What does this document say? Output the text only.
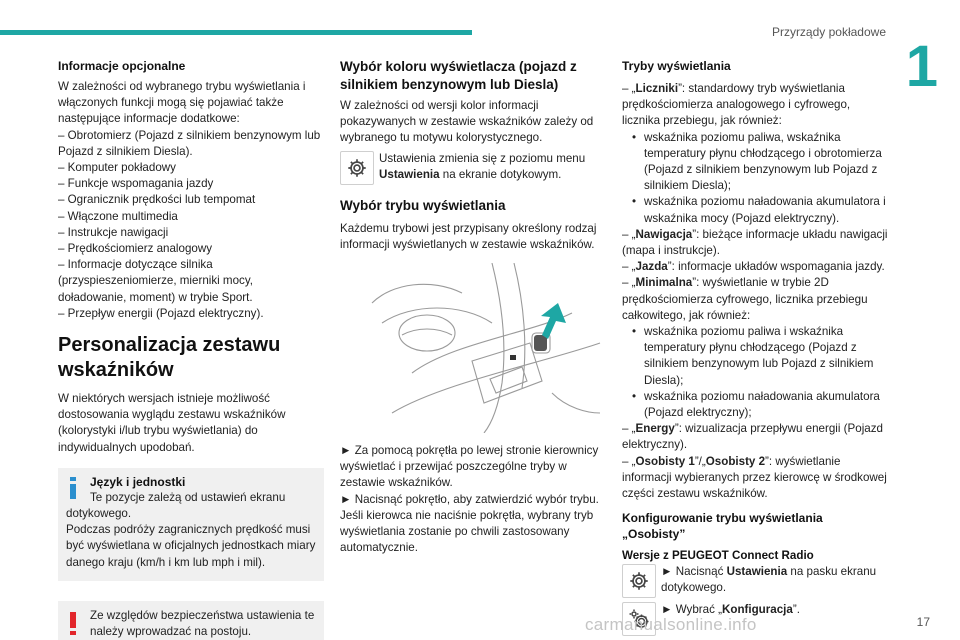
Przyrządy pokładowe
1
Informacje opcjonalne

W zależności od wybranego trybu wyświetlania i włączonych funkcji mogą się pojawiać także następujące informacje dodatkowe:

– Obrotomierz (Pojazd z silnikiem benzynowym lub Pojazd z silnikiem Diesla).
– Komputer pokładowy
– Funkcje wspomagania jazdy
– Ogranicznik prędkości lub tempomat
– Włączone multimedia
– Instrukcje nawigacji
– Prędkościomierz analogowy
– Informacje dotyczące silnika (przyspieszeniomierze, mierniki mocy, doładowanie, moment) w trybie Sport.
– Przepływ energii (Pojazd elektryczny).
Personalizacja zestawu wskaźników

W niektórych wersjach istnieje możliwość dostosowania wyglądu zestawu wskaźników (kolorystyki i/lub trybu wyświetlania) do indywidualnych upodobań.

Język i jednostki

Te pozycje zależą od ustawień ekranu dotykowego.

Podczas podróży zagranicznych prędkość musi być wyświetlana w oficjalnych jednostkach miary danego kraju (km/h i km lub mph i mil).

Ze względów bezpieczeństwa ustawienia te należy wprowadzać na postoju.

Wybór koloru wyświetlacza (pojazd z silnikiem benzynowym lub Diesla)

W zależności od wersji kolor informacji pokazywanych w zestawie wskaźników zależy od wybranego tu motywu kolorystycznego.

Ustawienia zmienia się z poziomu menu Ustawienia na ekranie dotykowym.

Wybór trybu wyświetlania

Każdemu trybowi jest przypisany określony rodzaj informacji wyświetlanych w zestawie wskaźników.

► Za pomocą pokrętła po lewej stronie kierownicy wyświetlać i przewijać poszczególne tryby w zestawie wskaźników.

► Nacisnąć pokrętło, aby zatwierdzić wybór trybu.

Jeśli kierowca nie naciśnie pokrętła, wybrany tryb wyświetlania zostanie po chwili zastosowany automatycznie.

Tryby wyświetlania

– „Liczniki”: standardowy tryb wyświetlania prędkościomierza analogowego i cyfrowego, licznika przebiegu, jak również:

• wskaźnika poziomu paliwa, wskaźnika temperatury płynu chłodzącego i obrotomierza (Pojazd z silnikiem benzynowym lub Pojazd z silnikiem Diesla);

• wskaźnika poziomu naładowania akumulatora i wskaźnika mocy (Pojazd elektryczny).

– „Nawigacja”: bieżące informacje układu nawigacji (mapa i instrukcje).

– „Jazda”: informacje układów wspomagania jazdy.

– „Minimalna”: wyświetlanie w trybie 2D prędkościomierza cyfrowego, licznika przebiegu całkowitego, jak również:

• wskaźnika poziomu paliwa i wskaźnika temperatury płynu chłodzącego (Pojazd z silnikiem benzynowym lub Pojazd z silnikiem Diesla);

• wskaźnika poziomu naładowania akumulatora (Pojazd elektryczny);

– „Energy”: wizualizacja przepływu energii (Pojazd elektryczny).

– „Osobisty 1”/„Osobisty 2”: wyświetlanie informacji wybieranych przez kierowcę w środkowej części zestawu wskaźników.

Konfigurowanie trybu wyświetlania „Osobisty”
Wersje z PEUGEOT Connect Radio

► Nacisnąć Ustawienia na pasku ekranu dotykowego.

► Wybrać „Konfiguracja”.

carmanualsonline.info	17
